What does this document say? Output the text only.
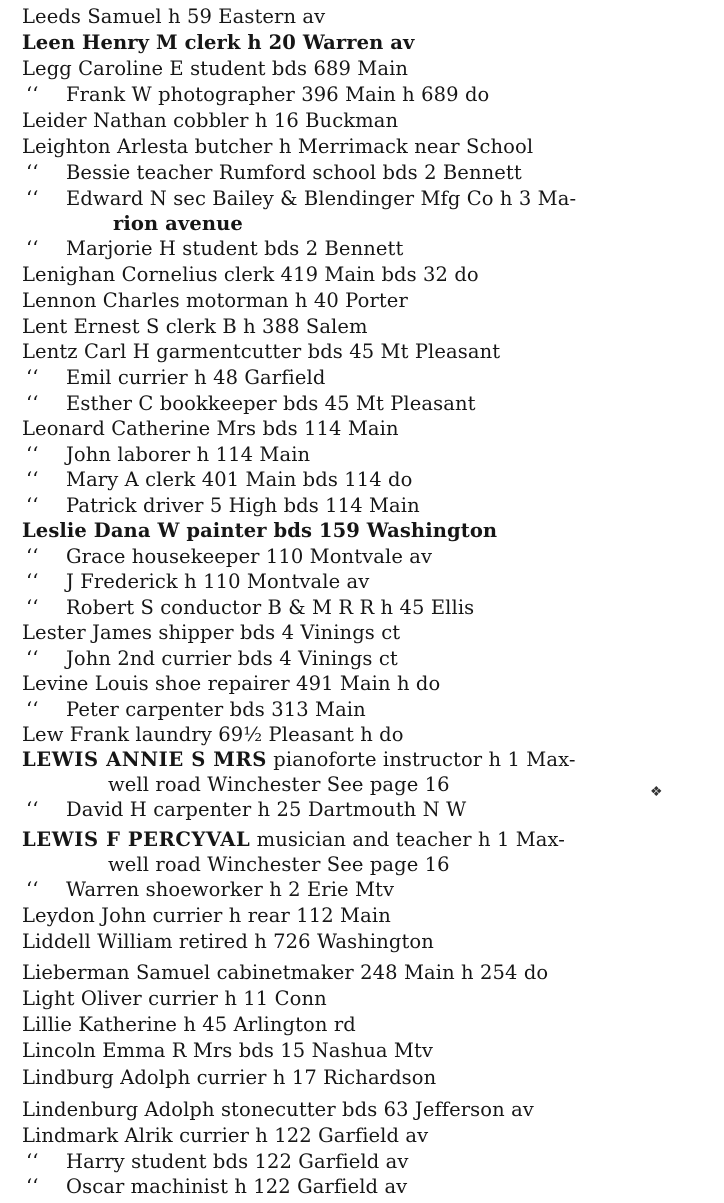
Leeds Samuel h 59 Eastern av
Leen Henry M clerk h 20 Warren av
Legg Caroline E student bds 689 Main
‘‘ Frank W photographer 396 Main h 689 do
Leider Nathan cobbler h 16 Buckman
Leighton Arlesta butcher h Merrimack near School
‘‘ Bessie teacher Rumford school bds 2 Bennett
‘‘ Edward N sec Bailey & Blendinger Mfg Co h 3 Ma-
rion avenue
‘‘ Marjorie H student bds 2 Bennett
Lenighan Cornelius clerk 419 Main bds 32 do
Lennon Charles motorman h 40 Porter
Lent Ernest S clerk B h 388 Salem
Lentz Carl H garmentcutter bds 45 Mt Pleasant
‘‘ Emil currier h 48 Garfield
‘‘ Esther C bookkeeper bds 45 Mt Pleasant
Leonard Catherine Mrs bds 114 Main
‘‘ John laborer h 114 Main
‘‘ Mary A clerk 401 Main bds 114 do
‘‘ Patrick driver 5 High bds 114 Main
Leslie Dana W painter bds 159 Washington
‘‘ Grace housekeeper 110 Montvale av
‘‘ J Frederick h 110 Montvale av
‘‘ Robert S conductor B & M R R h 45 Ellis
Lester James shipper bds 4 Vinings ct
‘‘ John 2nd currier bds 4 Vinings ct
Levine Louis shoe repairer 491 Main h do
‘‘ Peter carpenter bds 313 Main
Lew Frank laundry 69½ Pleasant h do
LEWIS ANNIE S MRS pianoforte instructor h 1 Max-
well road Winchester See page 16
‘‘ David H carpenter h 25 Dartmouth N W
❖
LEWIS F PERCYVAL musician and teacher h 1 Max-
well road Winchester See page 16
‘‘ Warren shoeworker h 2 Erie Mtv
Leydon John currier h rear 112 Main
Liddell William retired h 726 Washington
Lieberman Samuel cabinetmaker 248 Main h 254 do
Light Oliver currier h 11 Conn
Lillie Katherine h 45 Arlington rd
Lincoln Emma R Mrs bds 15 Nashua Mtv
Lindburg Adolph currier h 17 Richardson
Lindenburg Adolph stonecutter bds 63 Jefferson av
Lindmark Alrik currier h 122 Garfield av
‘‘ Harry student bds 122 Garfield av
‘‘ Oscar machinist h 122 Garfield av
